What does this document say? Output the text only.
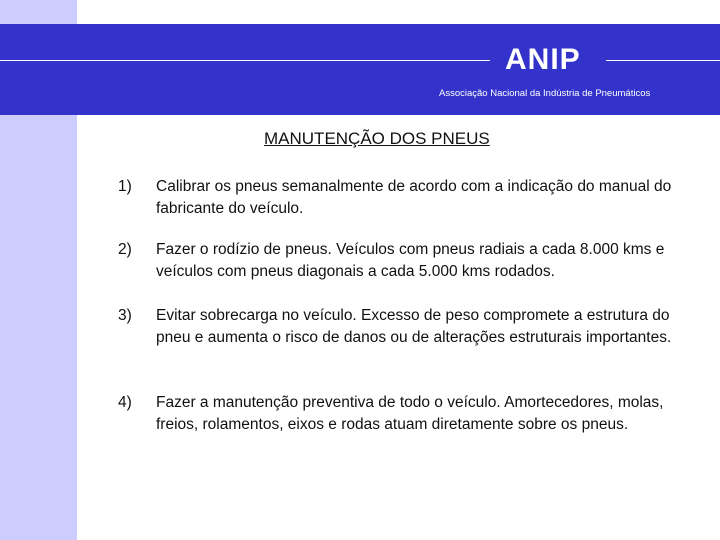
ANIP
Associação Nacional da Indústria de Pneumáticos
MANUTENÇÃO DOS PNEUS
1) Calibrar os pneus semanalmente de acordo com a indicação do manual do fabricante do veículo.
2) Fazer o rodízio de pneus. Veículos com pneus radiais a cada 8.000 kms e veículos com pneus diagonais a cada 5.000 kms rodados.
3) Evitar sobrecarga no veículo. Excesso de peso compromete a estrutura do pneu e aumenta o risco de danos ou de alterações estruturais importantes.
4) Fazer a manutenção preventiva de todo o veículo. Amortecedores, molas, freios, rolamentos, eixos e rodas atuam diretamente sobre os pneus.
